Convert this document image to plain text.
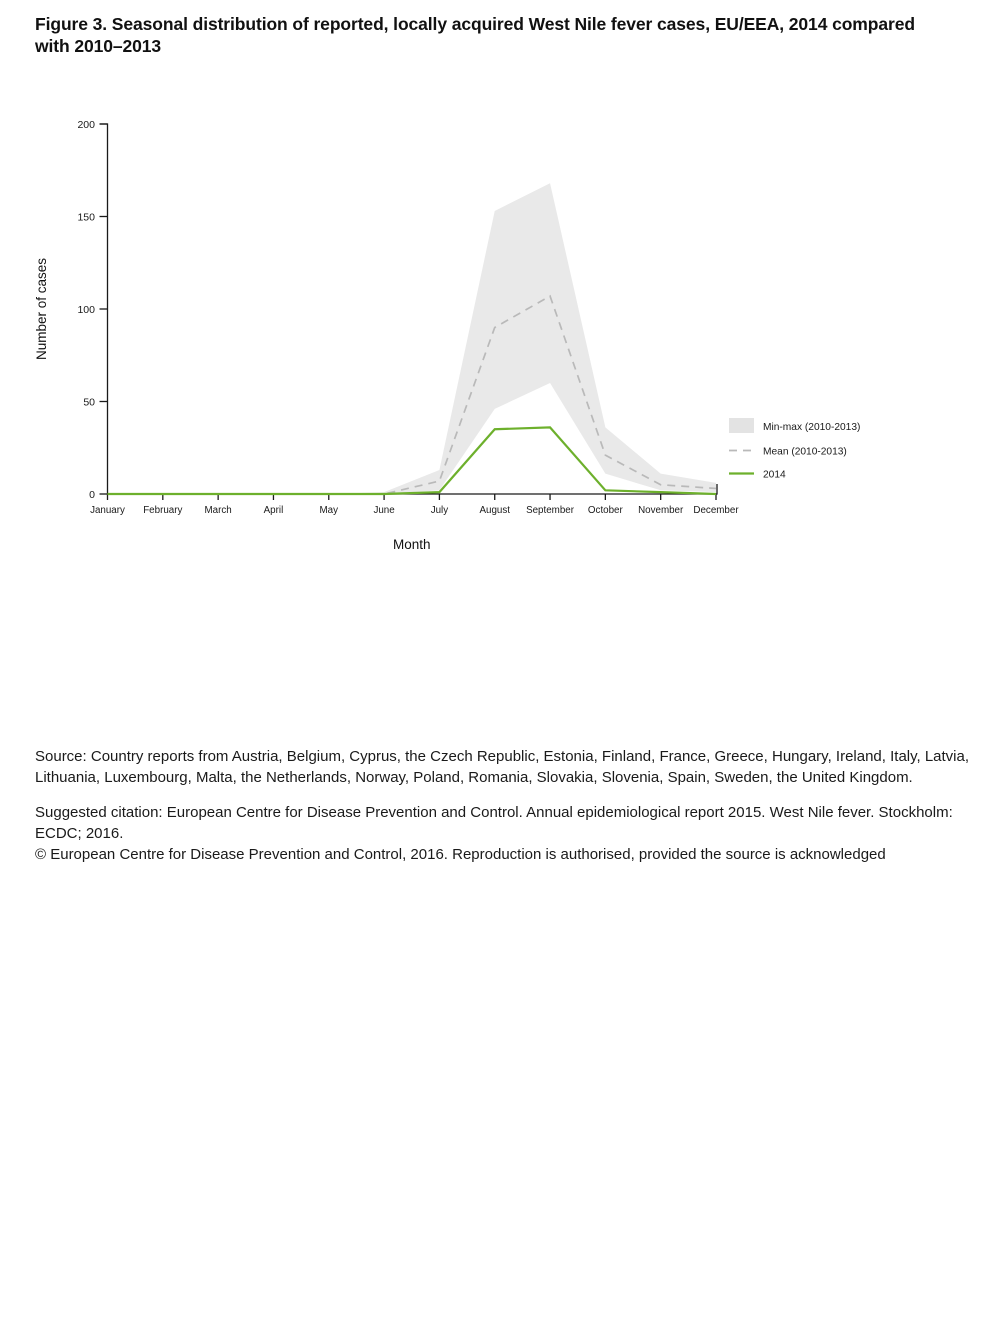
Figure 3. Seasonal distribution of reported, locally acquired West Nile fever cases, EU/EEA, 2014 compared with 2010–2013
0
50
100
150
200
January February March	April	May	June	July	August September October November December
Number of cases
Month
Min-max (2010-2013)
Mean (2010-2013)
2014

Source: Country reports from Austria, Belgium, Cyprus, the Czech Republic, Estonia, Finland, France, Greece, Hungary, Ireland, Italy, Latvia, Lithuania, Luxembourg, Malta, the Netherlands, Norway, Poland, Romania, Slovakia, Slovenia, Spain, Sweden, the United Kingdom.

Suggested citation: European Centre for Disease Prevention and Control. Annual epidemiological report 2015. West Nile fever. Stockholm: ECDC; 2016.

© European Centre for Disease Prevention and Control, 2016. Reproduction is authorised, provided the source is acknowledged
